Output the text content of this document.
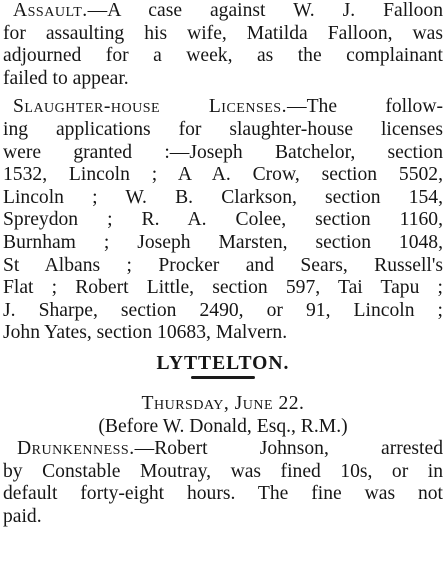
Assault.—A case against W. J. Falloon
for assaulting his wife, Matilda Falloon, was
adjourned for a week, as the complainant
failed to appear.

Slaughter-house Licenses.—The follow-
ing applications for slaughter-house licenses
were granted :—Joseph Batchelor, section
1532, Lincoln ; A A. Crow, section 5502,
Lincoln ; W. B. Clarkson, section 154,
Spreydon ; R. A. Colee, section 1160,
Burnham ; Joseph Marsten, section 1048,
St Albans ; Procker and Sears, Russell's
Flat ; Robert Little, section 597, Tai Tapu ;
J. Sharpe, section 2490, or 91, Lincoln ;
John Yates, section 10683, Malvern.

LYTTELTON.

Thursday, June 22.
(Before W. Donald, Esq., R.M.)

Drunkenness.—Robert Johnson, arrested
by Constable Moutray, was fined 10s, or in
default forty-eight hours. The fine was not
paid.
